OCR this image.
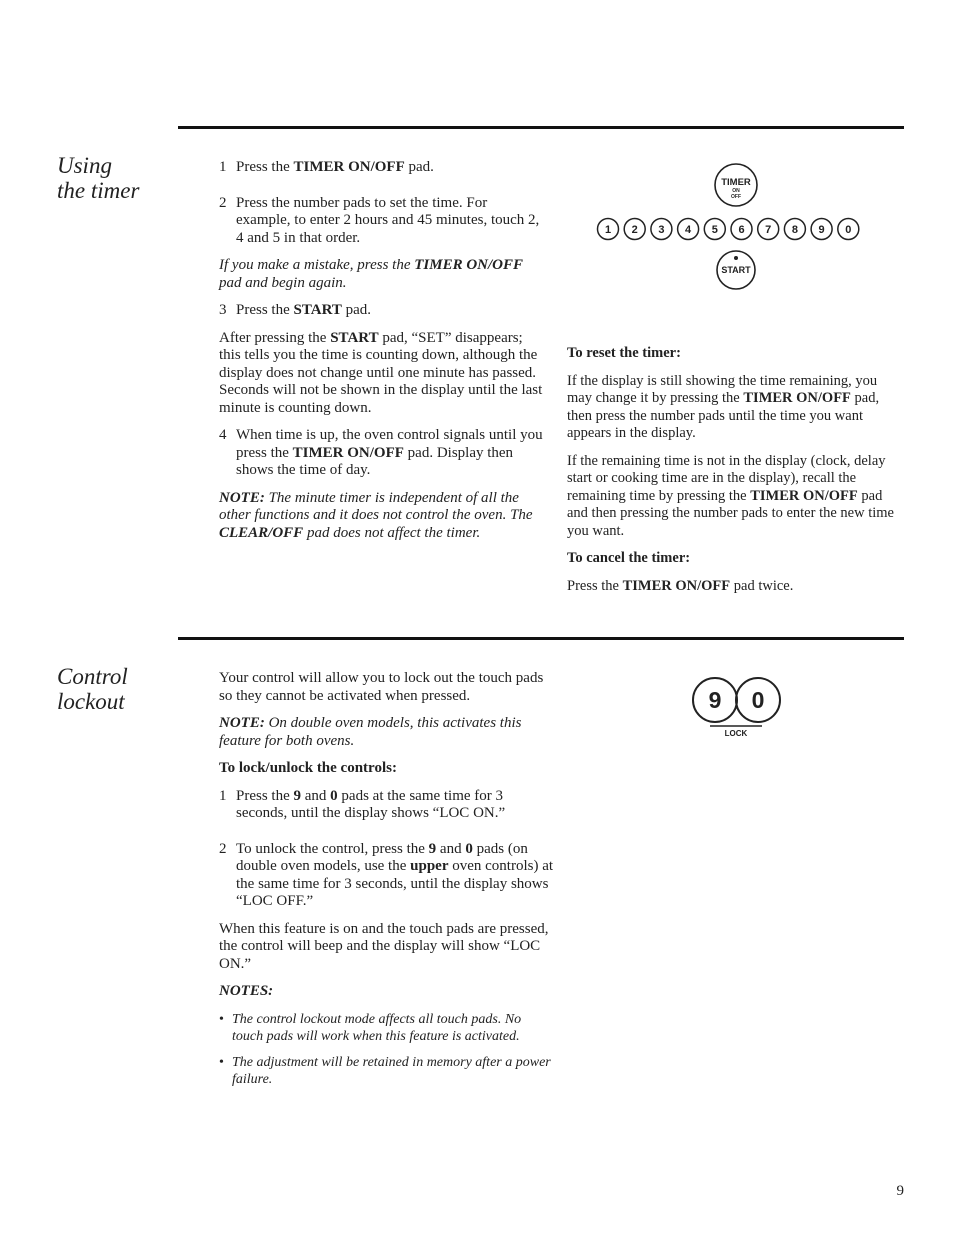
Using
the timer
1 Press the TIMER ON/OFF pad.
2 Press the number pads to set the time. For example, to enter 2 hours and 45 minutes, touch 2, 4 and 5 in that order.

If you make a mistake, press the TIMER ON/OFF pad and begin again.

3 Press the START pad.

After pressing the START pad, “SET” disappears; this tells you the time is counting down, although the display does not change until one minute has passed. Seconds will not be shown in the display until the last minute is counting down.

4 When time is up, the oven control signals until you press the TIMER ON/OFF pad. Display then shows the time of day.

NOTE: The minute timer is independent of all the other functions and it does not control the oven. The CLEAR/OFF pad does not affect the timer.

TIMER
ON
OFF
1 2 3 4 5 6 7 8 9 0
START

To reset the timer:

If the display is still showing the time remaining, you may change it by pressing the TIMER ON/OFF pad, then press the number pads until the time you want appears in the display.

If the remaining time is not in the display (clock, delay start or cooking time are in the display), recall the remaining time by pressing the TIMER ON/OFF pad and then pressing the number pads to enter the new time you want.

To cancel the timer:

Press the TIMER ON/OFF pad twice.

Control
lockout

Your control will allow you to lock out the touch pads so they cannot be activated when pressed.

NOTE: On double oven models, this activates this feature for both ovens.

To lock/unlock the controls:

1 Press the 9 and 0 pads at the same time for 3 seconds, until the display shows “LOC ON.”
2 To unlock the control, press the 9 and 0 pads (on double oven models, use the upper oven controls) at the same time for 3 seconds, until the display shows “LOC OFF.”

When this feature is on and the touch pads are pressed, the control will beep and the display will show “LOC ON.”

NOTES:

• The control lockout mode affects all touch pads. No touch pads will work when this feature is activated.
• The adjustment will be retained in memory after a power failure.
9 0
LOCK
9
